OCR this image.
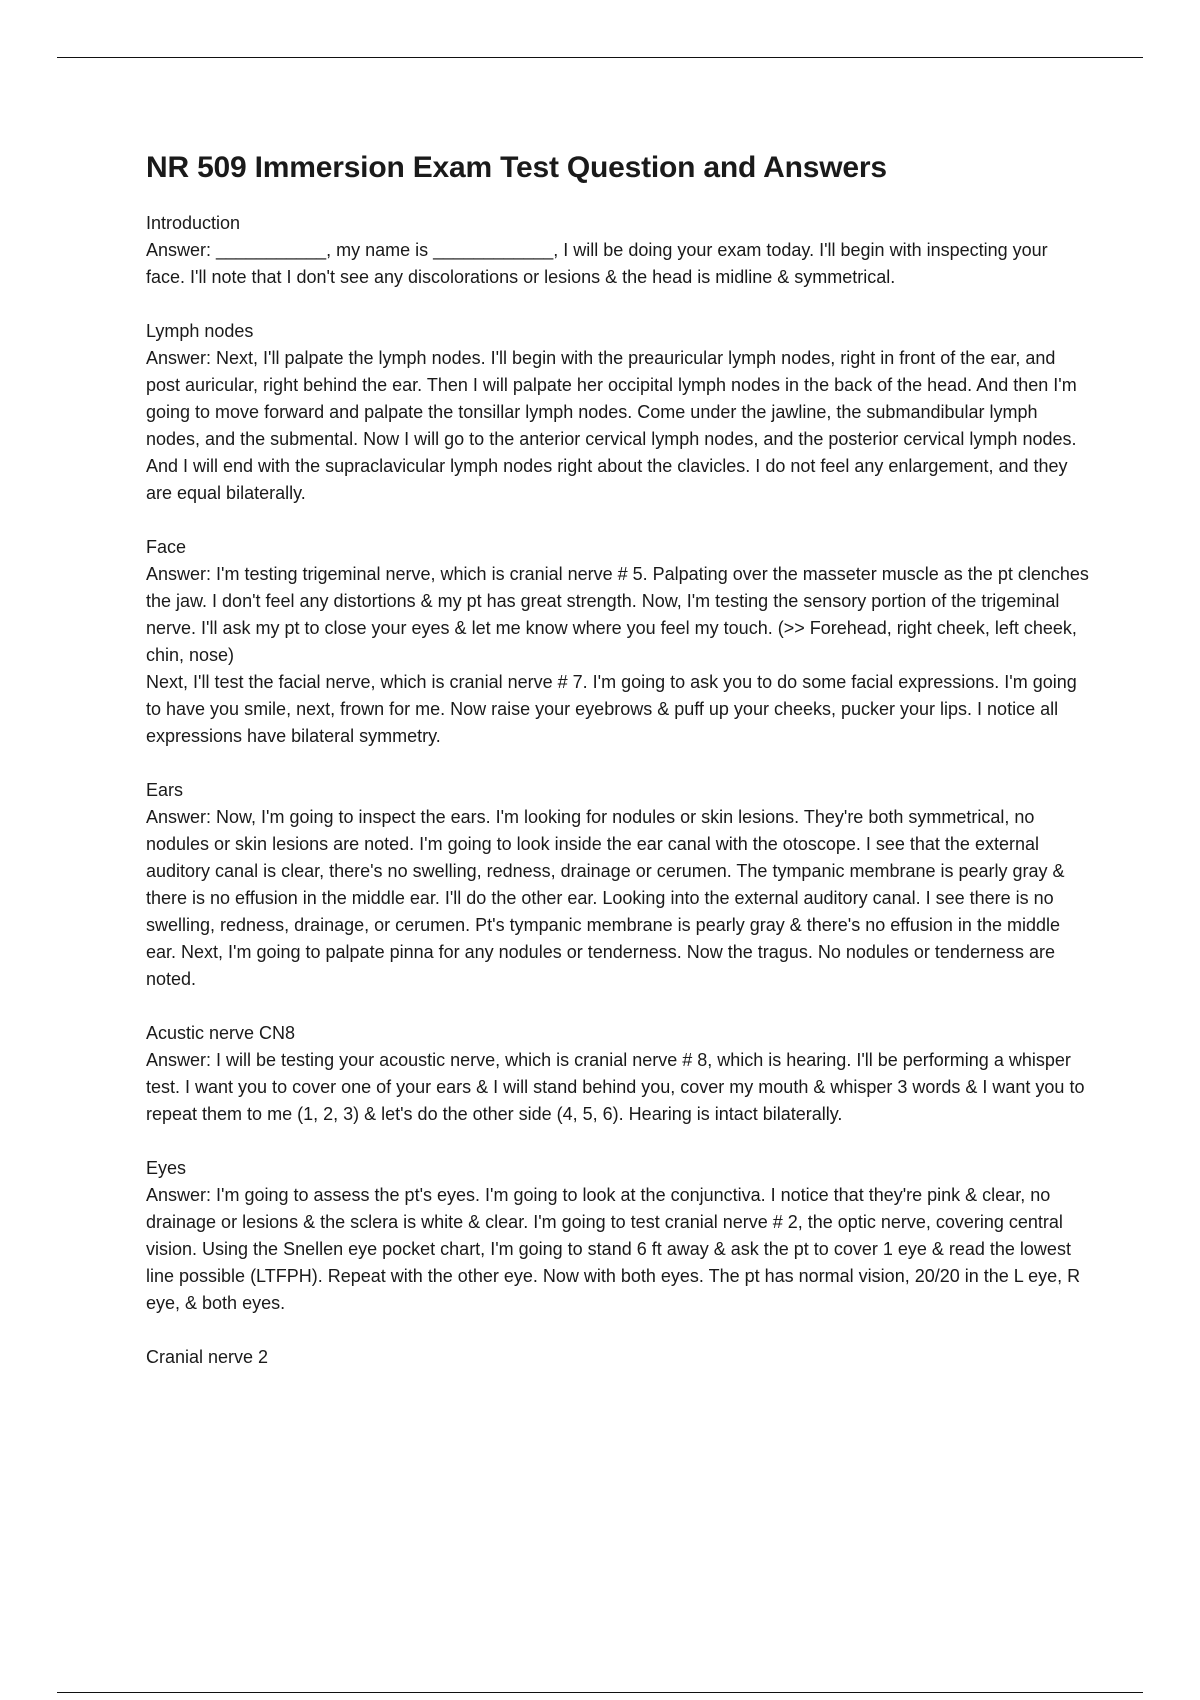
NR 509 Immersion Exam Test Question and Answers
Introduction

Answer: ___________, my name is ____________, I will be doing your exam today. I'll begin with inspecting your face. I'll note that I don't see any discolorations or lesions & the head is midline & symmetrical.

Lymph nodes

Answer: Next, I'll palpate the lymph nodes. I'll begin with the preauricular lymph nodes, right in front of the ear, and post auricular, right behind the ear. Then I will palpate her occipital lymph nodes in the back of the head. And then I'm going to move forward and palpate the tonsillar lymph nodes. Come under the jawline, the submandibular lymph nodes, and the submental. Now I will go to the anterior cervical lymph nodes, and the posterior cervical lymph nodes. And I will end with the supraclavicular lymph nodes right about the clavicles. I do not feel any enlargement, and they are equal bilaterally.

Face

Answer: I'm testing trigeminal nerve, which is cranial nerve # 5. Palpating over the masseter muscle as the pt clenches the jaw. I don't feel any distortions & my pt has great strength. Now, I'm testing the sensory portion of the trigeminal nerve. I'll ask my pt to close your eyes & let me know where you feel my touch. (>> Forehead, right cheek, left cheek, chin, nose)

Next, I'll test the facial nerve, which is cranial nerve # 7. I'm going to ask you to do some facial expressions. I'm going to have you smile, next, frown for me. Now raise your eyebrows & puff up your cheeks, pucker your lips. I notice all expressions have bilateral symmetry.

Ears

Answer: Now, I'm going to inspect the ears. I'm looking for nodules or skin lesions. They're both symmetrical, no nodules or skin lesions are noted. I'm going to look inside the ear canal with the otoscope. I see that the external auditory canal is clear, there's no swelling, redness, drainage or cerumen. The tympanic membrane is pearly gray & there is no effusion in the middle ear. I'll do the other ear. Looking into the external auditory canal. I see there is no swelling, redness, drainage, or cerumen. Pt's tympanic membrane is pearly gray & there's no effusion in the middle ear. Next, I'm going to palpate pinna for any nodules or tenderness. Now the tragus. No nodules or tenderness are noted.

Acustic nerve CN8

Answer: I will be testing your acoustic nerve, which is cranial nerve # 8, which is hearing. I'll be performing a whisper test. I want you to cover one of your ears & I will stand behind you, cover my mouth & whisper 3 words & I want you to repeat them to me (1, 2, 3) & let's do the other side (4, 5, 6). Hearing is intact bilaterally.

Eyes

Answer: I'm going to assess the pt's eyes. I'm going to look at the conjunctiva. I notice that they're pink & clear, no drainage or lesions & the sclera is white & clear. I'm going to test cranial nerve # 2, the optic nerve, covering central vision. Using the Snellen eye pocket chart, I'm going to stand 6 ft away & ask the pt to cover 1 eye & read the lowest line possible (LTFPH). Repeat with the other eye. Now with both eyes. The pt has normal vision, 20/20 in the L eye, R eye, & both eyes.

Cranial nerve 2
